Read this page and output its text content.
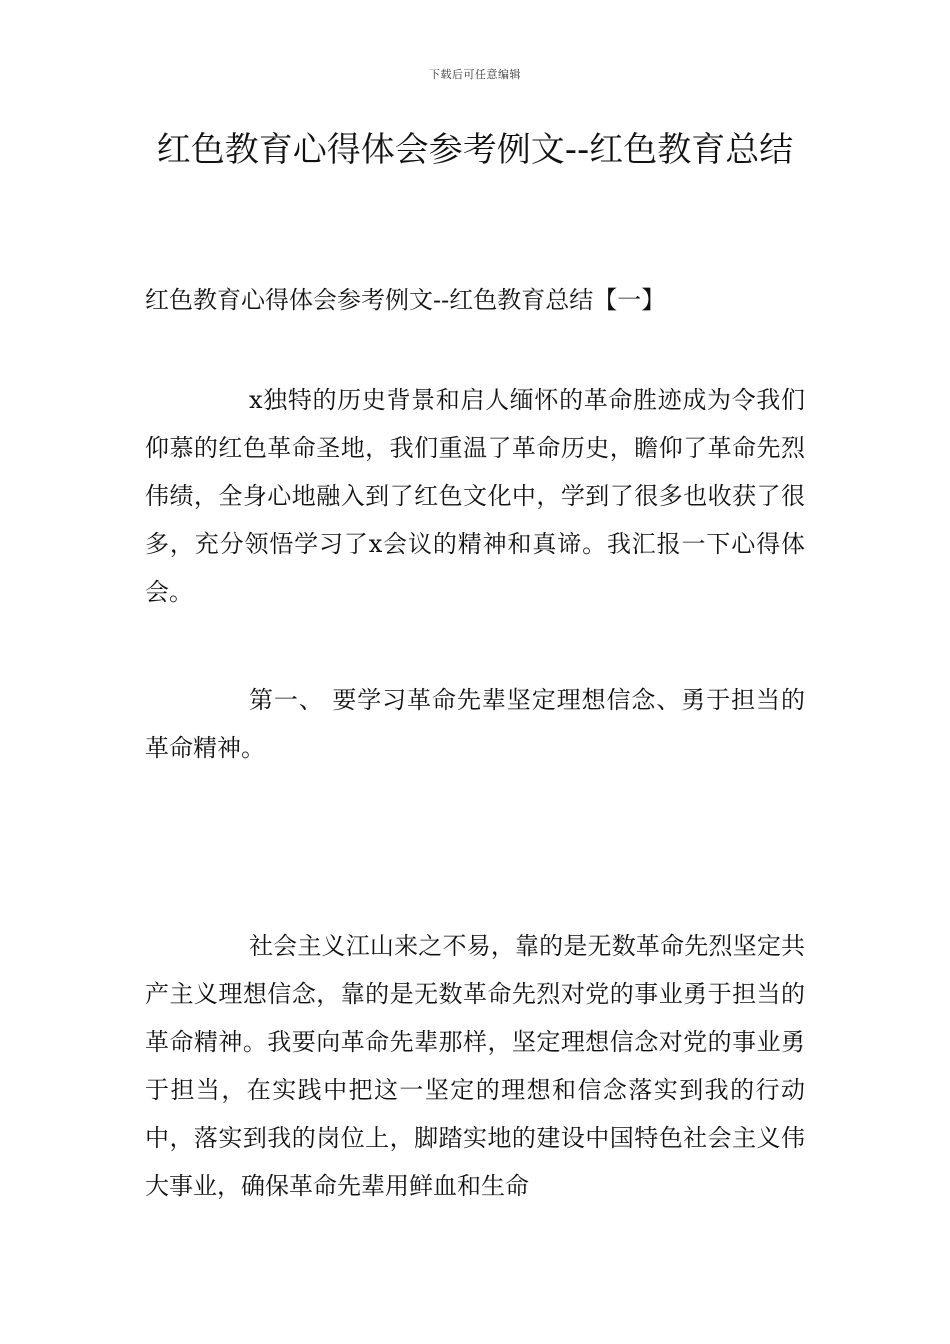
下载后可任意编辑
红色教育心得体会参考例文--红色教育总结

红色教育心得体会参考例文--红色教育总结【一】

x独特的历史背景和启人缅怀的革命胜迹成为令我们仰慕的红色革命圣地，我们重温了革命历史，瞻仰了革命先烈伟绩，全身心地融入到了红色文化中，学到了很多也收获了很多，充分领悟学习了x会议的精神和真谛。我汇报一下心得体会。

第一、 要学习革命先辈坚定理想信念、勇于担当的革命精神。

社会主义江山来之不易，靠的是无数革命先烈坚定共产主义理想信念，靠的是无数革命先烈对党的事业勇于担当的革命精神。我要向革命先辈那样，坚定理想信念对党的事业勇于担当，在实践中把这一坚定的理想和信念落实到我的行动中，落实到我的岗位上，脚踏实地的建设中国特色社会主义伟大事业，确保革命先辈用鲜血和生命
